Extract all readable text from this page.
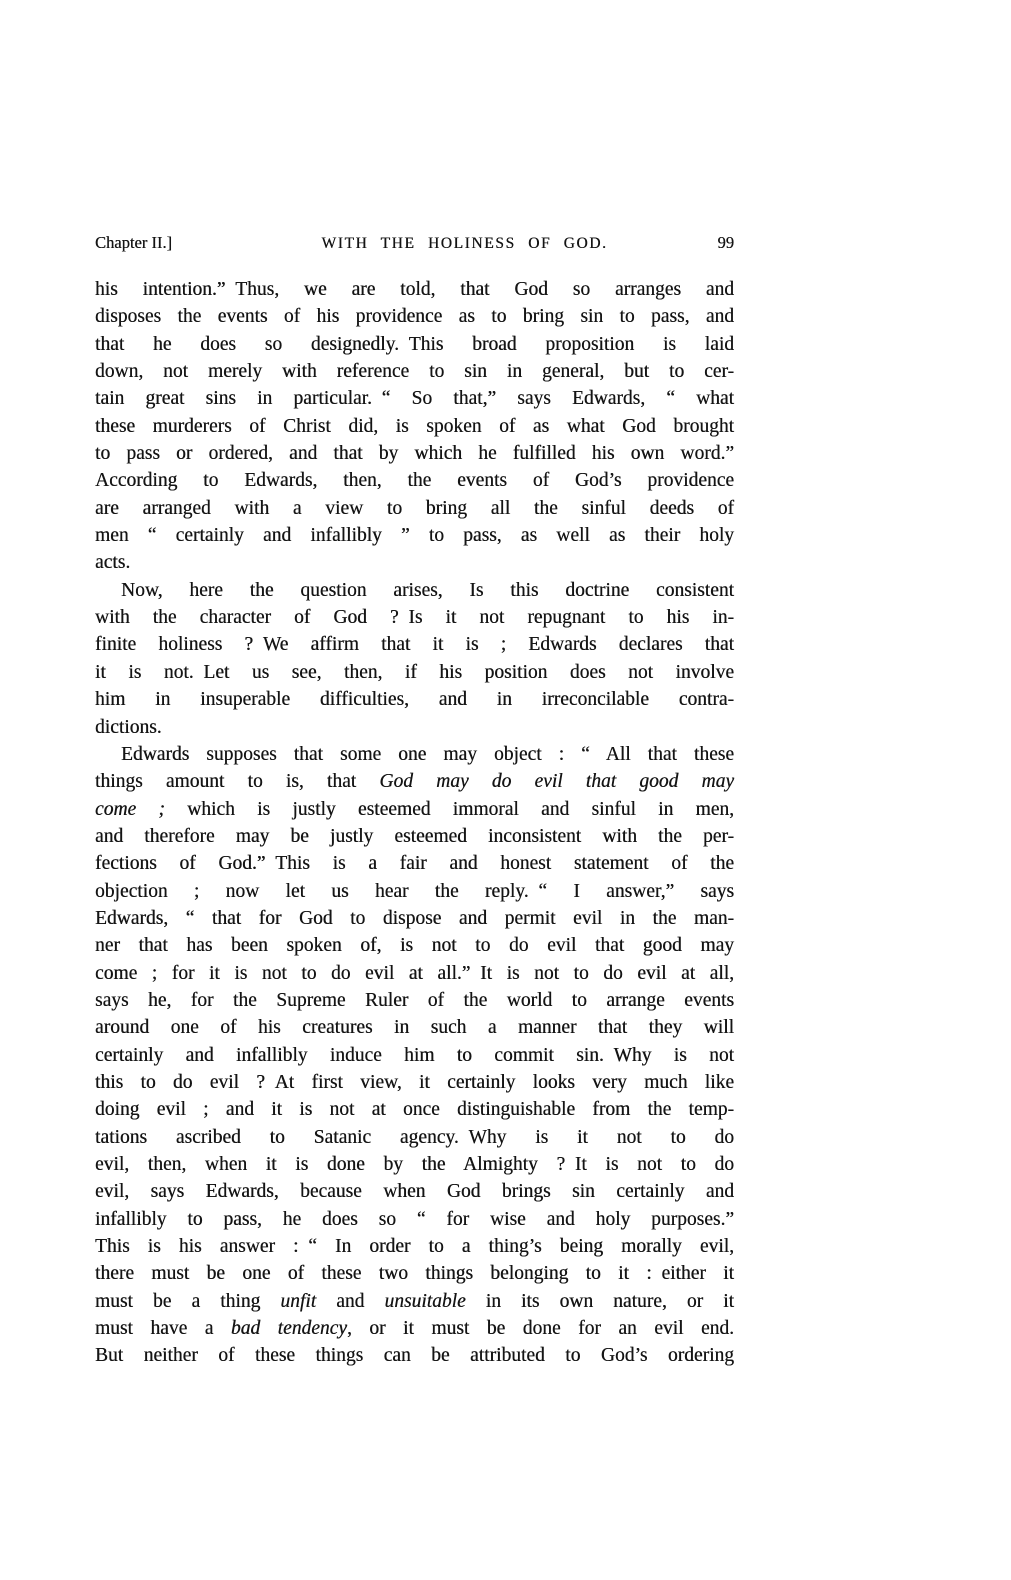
Chapter II.]	WITH THE HOLINESS OF GOD.	99
his intention.” Thus, we are told, that God so arranges and
disposes the events of his providence as to bring sin to pass, and
that he does so designedly. This broad proposition is laid
down, not merely with reference to sin in general, but to cer-
tain great sins in particular. “ So that,” says Edwards, “ what
these murderers of Christ did, is spoken of as what God brought
to pass or ordered, and that by which he fulfilled his own word.”
According to Edwards, then, the events of God’s providence
are arranged with a view to bring all the sinful deeds of
men “ certainly and infallibly ” to pass, as well as their holy
acts.
Now, here the question arises, Is this doctrine consistent
with the character of God ? Is it not repugnant to his in-
finite holiness ? We affirm that it is ; Edwards declares that
it is not. Let us see, then, if his position does not involve
him in insuperable difficulties, and in irreconcilable contra-
dictions.
Edwards supposes that some one may object : “ All that these
things amount to is, that God may do evil that good may
come ; which is justly esteemed immoral and sinful in men,
and therefore may be justly esteemed inconsistent with the per-
fections of God.” This is a fair and honest statement of the
objection ; now let us hear the reply. “ I answer,” says
Edwards, “ that for God to dispose and permit evil in the man-
ner that has been spoken of, is not to do evil that good may
come ; for it is not to do evil at all.” It is not to do evil at all,
says he, for the Supreme Ruler of the world to arrange events
around one of his creatures in such a manner that they will
certainly and infallibly induce him to commit sin. Why is not
this to do evil ? At first view, it certainly looks very much like
doing evil ; and it is not at once distinguishable from the temp-
tations ascribed to Satanic agency. Why is it not to do
evil, then, when it is done by the Almighty ? It is not to do
evil, says Edwards, because when God brings sin certainly and
infallibly to pass, he does so “ for wise and holy purposes.”
This is his answer : “ In order to a thing’s being morally evil,
there must be one of these two things belonging to it : either it
must be a thing unfit and unsuitable in its own nature, or it
must have a bad tendency, or it must be done for an evil end.
But neither of these things can be attributed to God’s ordering
